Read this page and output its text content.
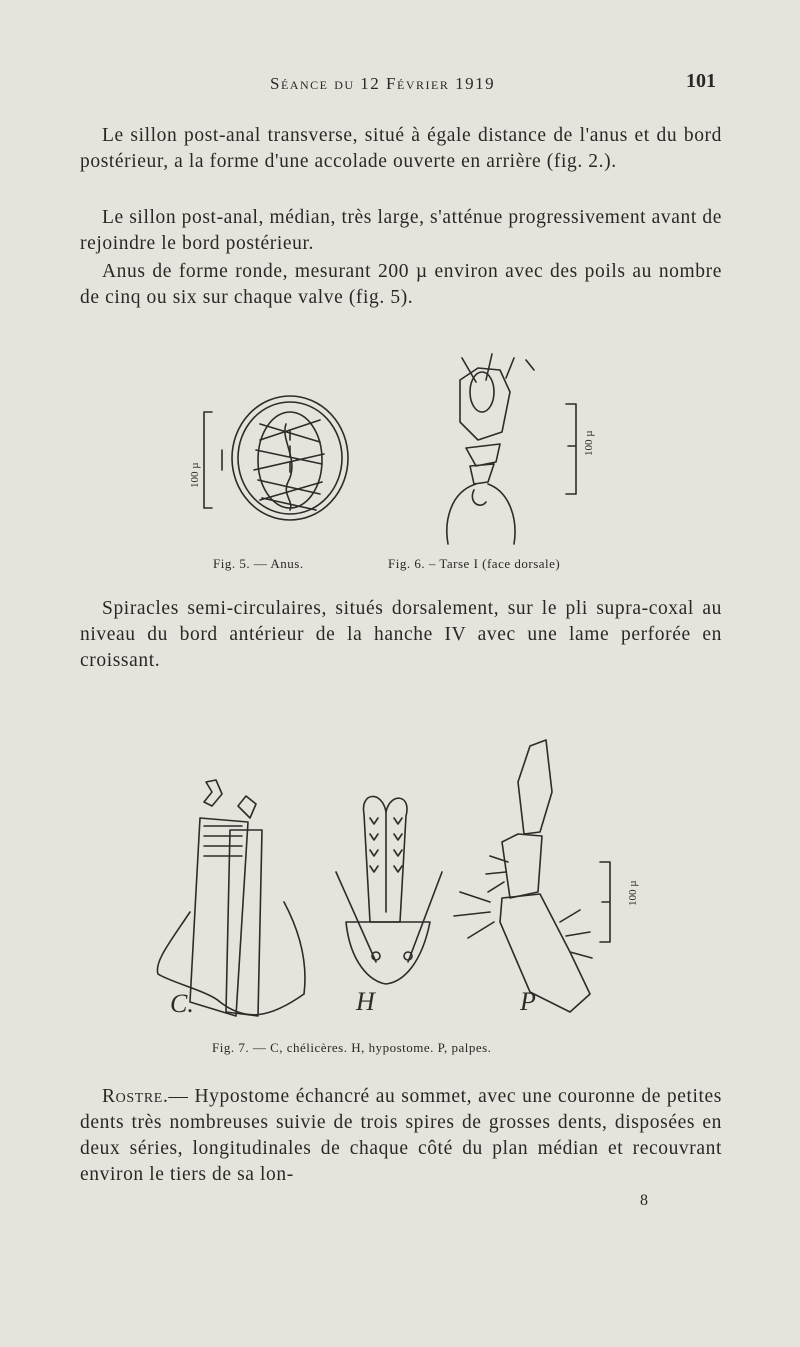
Séance du 12 Février 1919	101

Le sillon post-anal transverse, situé à égale distance de l'anus et du bord postérieur, a la forme d'une accolade ouverte en arrière (fig. 2.).

Le sillon post-anal, médian, très large, s'atténue progressivement avant de rejoindre le bord postérieur.

Anus de forme ronde, mesurant 200 µ environ avec des poils au nombre de cinq ou six sur chaque valve (fig. 5).

100 µ
Fig. 5. — Anus.
100 µ
Fig. 6. – Tarse I (face dorsale)

Spiracles semi-circulaires, situés dorsalement, sur le pli supra-coxal au niveau du bord antérieur de la hanche IV avec une lame perforée en croissant.

C.	H
100 µ
P
Fig. 7. — C, chélicères. H, hypostome. P, palpes.

Rostre.— Hypostome échancré au sommet, avec une couronne de petites dents très nombreuses suivie de trois spires de grosses dents, disposées en deux séries, longitudinales de chaque côté du plan médian et recouvrant environ le tiers de sa lon-

8
